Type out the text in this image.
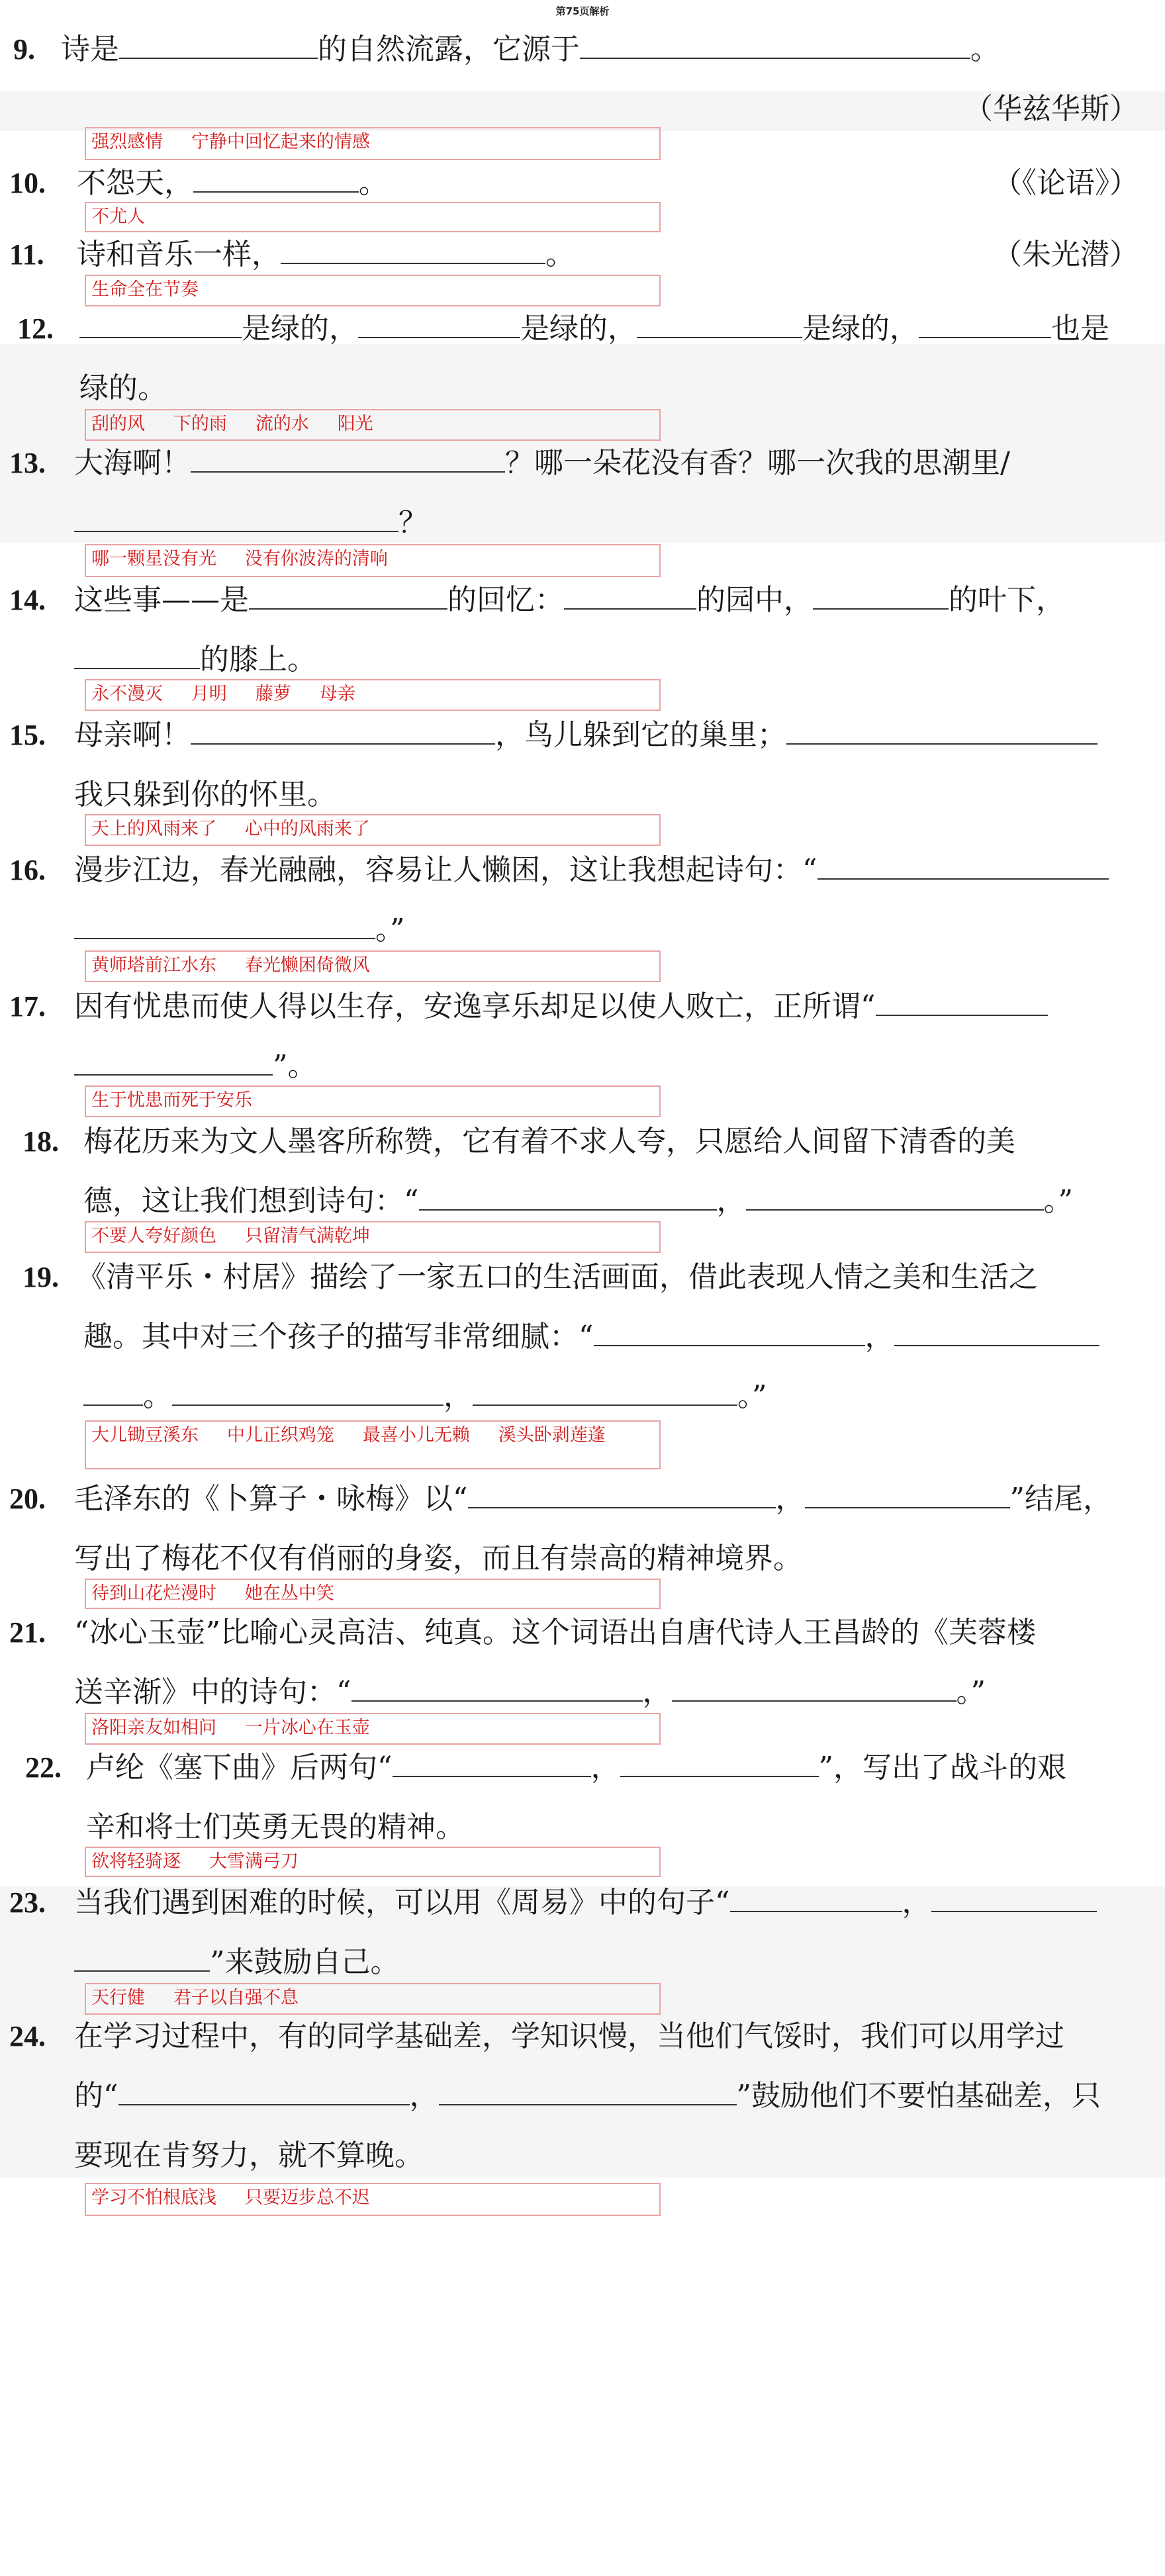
第75页解析
9. 诗是	的自然流露，它源于	。
（华兹华斯）
强烈感情     宁静中回忆起来的情感
10. 不怨天，	。	（《论语》）
不尤人
11. 诗和音乐一样，	。	（朱光潜）
生命全在节奏
12.	是绿的，	是绿的，	是绿的，	也是
绿的。
刮的风     下的雨     流的水     阳光
13. 大海啊！	？哪一朵花没有香？哪一次我的思潮里/
？
哪一颗星没有光     没有你波涛的清响
14. 这些事——是	的回忆：	的园中，	的叶下，
的膝上。
永不漫灭     月明     藤萝     母亲
15. 母亲啊！	，鸟儿躲到它的巢里；
我只躲到你的怀里。
天上的风雨来了     心中的风雨来了
16. 漫步江边，春光融融，容易让人懒困，这让我想起诗句：“
。”
黄师塔前江水东     春光懒困倚微风
17. 因有忧患而使人得以生存，安逸享乐却足以使人败亡，正所谓“
”。
生于忧患而死于安乐
18. 梅花历来为文人墨客所称赞，它有着不求人夸，只愿给人间留下清香的美
德，这让我们想到诗句：“	，	。”
不要人夸好颜色     只留清气满乾坤
19. 《清平乐・村居》描绘了一家五口的生活画面，借此表现人情之美和生活之
趣。其中对三个孩子的描写非常细腻：“	，
。	，	。”
大儿锄豆溪东     中儿正织鸡笼     最喜小儿无赖     溪头卧剥莲蓬
20. 毛泽东的《卜算子・咏梅》以“	，	”结尾，
写出了梅花不仅有俏丽的身姿，而且有崇高的精神境界。
待到山花烂漫时     她在丛中笑
21. “冰心玉壶”比喻心灵高洁、纯真。这个词语出自唐代诗人王昌龄的《芙蓉楼
送辛渐》中的诗句：“	，	。”
洛阳亲友如相问     一片冰心在玉壶
22. 卢纶《塞下曲》后两句“	，	”，写出了战斗的艰
辛和将士们英勇无畏的精神。
欲将轻骑逐     大雪满弓刀
23. 当我们遇到困难的时候，可以用《周易》中的句子“	，
”来鼓励自己。
天行健     君子以自强不息
24. 在学习过程中，有的同学基础差，学知识慢，当他们气馁时，我们可以用学过
的“	，	”鼓励他们不要怕基础差，只
要现在肯努力，就不算晚。
学习不怕根底浅     只要迈步总不迟
